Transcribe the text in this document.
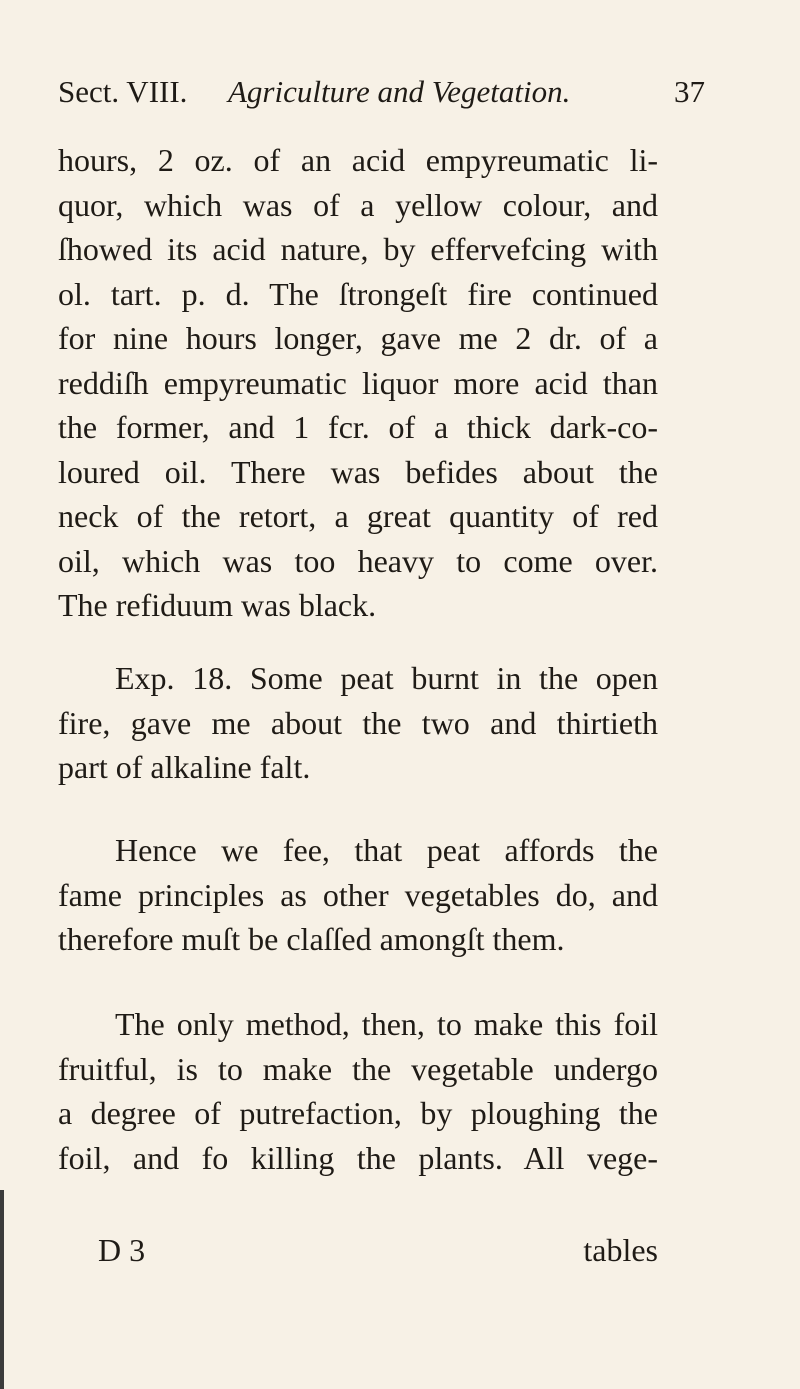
Sect. VIII. Agriculture and Vegetation.	37
hours, 2 oz. of an acid empyreumatic li-
quor, which was of a yellow colour, and
ſhowed its acid nature, by effervefcing with
ol. tart. p. d. The ſtrongeſt fire continued
for nine hours longer, gave me 2 dr. of a
reddiſh empyreumatic liquor more acid than
the former, and 1 fcr. of a thick dark-co-
loured oil. There was befides about the
neck of the retort, a great quantity of red
oil, which was too heavy to come over.
The refiduum was black.
Exp. 18. Some peat burnt in the open
fire, gave me about the two and thirtieth
part of alkaline falt.
Hence we fee, that peat affords the
fame principles as other vegetables do, and
therefore muſt be claſſed amongſt them.
The only method, then, to make this foil
fruitful, is to make the vegetable undergo
a degree of putrefaction, by ploughing the
foil, and fo killing the plants. All vege-
D 3	tables
